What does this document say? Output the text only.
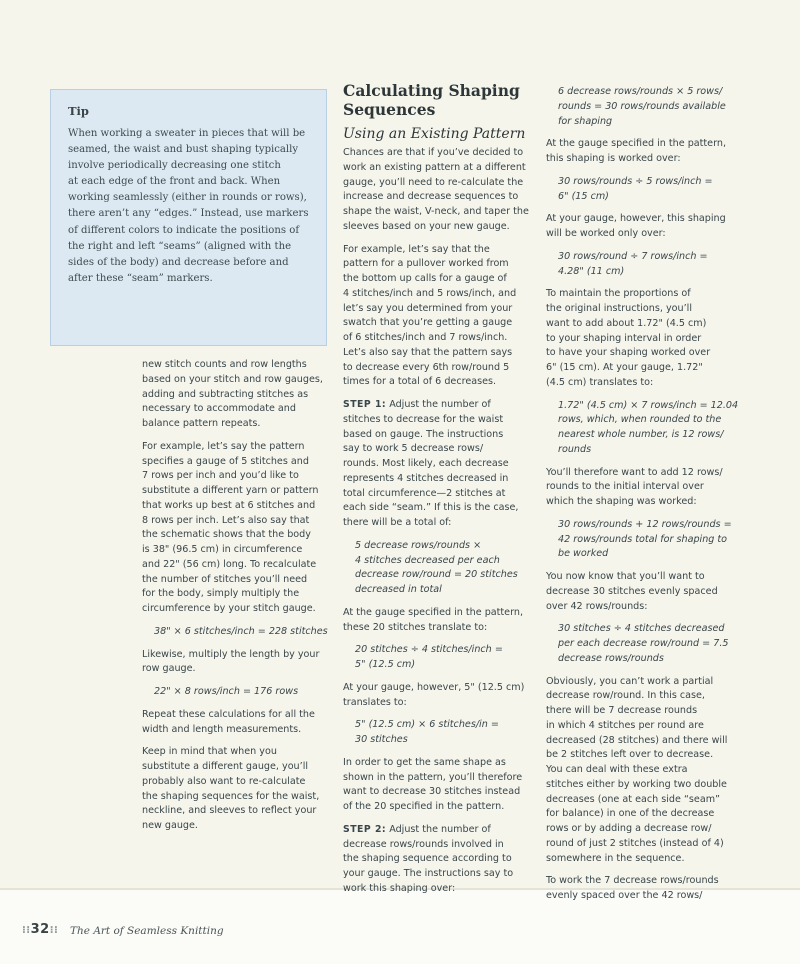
Tip
When working a sweater in pieces that will be
seamed, the waist and bust shaping typically
involve periodically decreasing one stitch
at each edge of the front and back. When
working seamlessly (either in rounds or rows),
there aren’t any “edges.” Instead, use markers
of different colors to indicate the positions of
the right and left “seams” (aligned with the
sides of the body) and decrease before and
after these “seam” markers.
new stitch counts and row lengths
based on your stitch and row gauges,
adding and subtracting stitches as
necessary to accommodate and
balance pattern repeats.
For example, let’s say the pattern
specifies a gauge of 5 stitches and
7 rows per inch and you’d like to
substitute a different yarn or pattern
that works up best at 6 stitches and
8 rows per inch. Let’s also say that
the schematic shows that the body
is 38" (96.5 cm) in circumference
and 22" (56 cm) long. To recalculate
the number of stitches you’ll need
for the body, simply multiply the
circumference by your stitch gauge.
38" × 6 stitches/inch = 228 stitches
Likewise, multiply the length by your
row gauge.
22" × 8 rows/inch = 176 rows
Repeat these calculations for all the
width and length measurements.
Keep in mind that when you
substitute a different gauge, you’ll
probably also want to re-calculate
the shaping sequences for the waist,
neckline, and sleeves to reflect your
new gauge.
Calculating Shaping
Sequences
Using an Existing Pattern
Chances are that if you’ve decided to
work an existing pattern at a different
gauge, you’ll need to re-calculate the
increase and decrease sequences to
shape the waist, V-neck, and taper the
sleeves based on your new gauge.
For example, let’s say that the
pattern for a pullover worked from
the bottom up calls for a gauge of
4 stitches/inch and 5 rows/inch, and
let’s say you determined from your
swatch that you’re getting a gauge
of 6 stitches/inch and 7 rows/inch.
Let’s also say that the pattern says
to decrease every 6th row/round 5
times for a total of 6 decreases.
STEP 1: Adjust the number of
stitches to decrease for the waist
based on gauge. The instructions
say to work 5 decrease rows/
rounds. Most likely, each decrease
represents 4 stitches decreased in
total circumference—2 stitches at
each side “seam.” If this is the case,
there will be a total of:
5 decrease rows/rounds ×
4 stitches decreased per each
decrease row/round = 20 stitches
decreased in total
At the gauge specified in the pattern,
these 20 stitches translate to:
20 stitches ÷ 4 stitches/inch =
5" (12.5 cm)
At your gauge, however, 5" (12.5 cm)
translates to:
5" (12.5 cm) × 6 stitches/in =
30 stitches
In order to get the same shape as
shown in the pattern, you’ll therefore
want to decrease 30 stitches instead
of the 20 specified in the pattern.
STEP 2: Adjust the number of
decrease rows/rounds involved in
the shaping sequence according to
your gauge. The instructions say to
work this shaping over:
6 decrease rows/rounds × 5 rows/
rounds = 30 rows/rounds available
for shaping
At the gauge specified in the pattern,
this shaping is worked over:
30 rows/rounds ÷ 5 rows/inch =
6" (15 cm)
At your gauge, however, this shaping
will be worked only over:
30 rows/round ÷ 7 rows/inch =
4.28" (11 cm)
To maintain the proportions of
the original instructions, you’ll
want to add about 1.72" (4.5 cm)
to your shaping interval in order
to have your shaping worked over
6" (15 cm). At your gauge, 1.72"
(4.5 cm) translates to:
1.72" (4.5 cm) × 7 rows/inch = 12.04
rows, which, when rounded to the
nearest whole number, is 12 rows/
rounds
You’ll therefore want to add 12 rows/
rounds to the initial interval over
which the shaping was worked:
30 rows/rounds + 12 rows/rounds =
42 rows/rounds total for shaping to
be worked
You now know that you’ll want to
decrease 30 stitches evenly spaced
over 42 rows/rounds:
30 stitches ÷ 4 stitches decreased
per each decrease row/round = 7.5
decrease rows/rounds
Obviously, you can’t work a partial
decrease row/round. In this case,
there will be 7 decrease rounds
in which 4 stitches per round are
decreased (28 stitches) and there will
be 2 stitches left over to decrease.
You can deal with these extra
stitches either by working two double
decreases (one at each side “seam”
for balance) in one of the decrease
rows or by adding a decrease row/
round of just 2 stitches (instead of 4)
somewhere in the sequence.
To work the 7 decrease rows/rounds
evenly spaced over the 42 rows/
⁝⁝32⁝⁝ The Art of Seamless Knitting
